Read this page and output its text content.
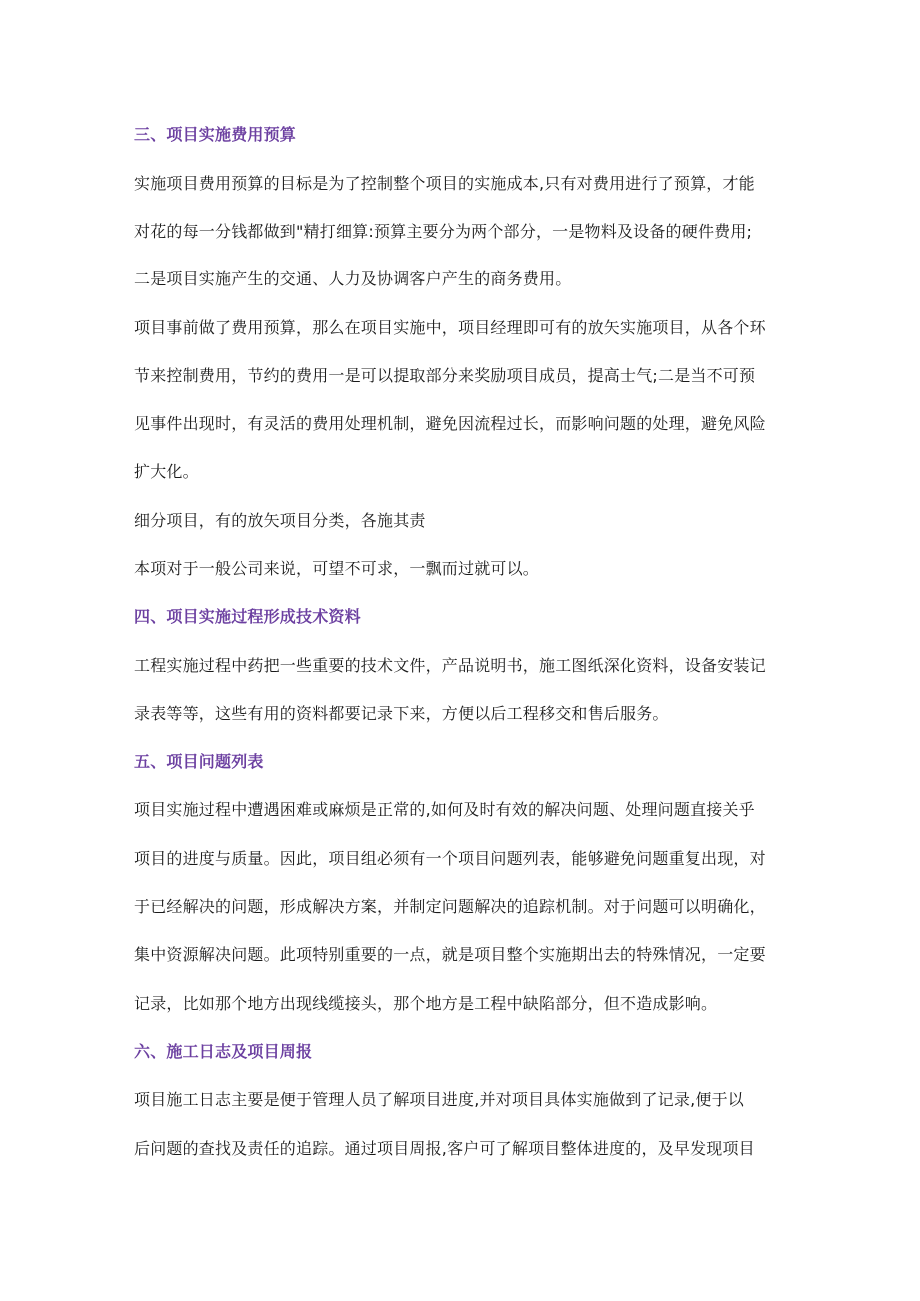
三、项目实施费用预算
实施项目费用预算的目标是为了控制整个项目的实施成本,只有对费用进行了预算，才能
对花的每一分钱都做到"精打细算:预算主要分为两个部分，一是物料及设备的硬件费用;
二是项目实施产生的交通、人力及协调客户产生的商务费用。
项目事前做了费用预算，那么在项目实施中，项目经理即可有的放矢实施项目，从各个环
节来控制费用，节约的费用一是可以提取部分来奖励项目成员，提高士气;二是当不可预
见事件出现时，有灵活的费用处理机制，避免因流程过长，而影响问题的处理，避免风险
扩大化。
细分项目，有的放矢项目分类，各施其责
本项对于一般公司来说，可望不可求，一飘而过就可以。
四、项目实施过程形成技术资料
工程实施过程中药把一些重要的技术文件，产品说明书，施工图纸深化资料，设备安装记
录表等等，这些有用的资料都要记录下来，方便以后工程移交和售后服务。
五、项目问题列表
项目实施过程中遭遇困难或麻烦是正常的,如何及时有效的解决问题、处理问题直接关乎
项目的进度与质量。因此，项目组必须有一个项目问题列表，能够避免问题重复出现，对
于已经解决的问题，形成解决方案，并制定问题解决的追踪机制。对于问题可以明确化，
集中资源解决问题。此项特别重要的一点，就是项目整个实施期出去的特殊情况，一定要
记录，比如那个地方出现线缆接头，那个地方是工程中缺陷部分，但不造成影响。
六、施工日志及项目周报
项目施工日志主要是便于管理人员了解项目进度,并对项目具体实施做到了记录,便于以
后问题的查找及责任的追踪。通过项目周报,客户可了解项目整体进度的，及早发现项目
